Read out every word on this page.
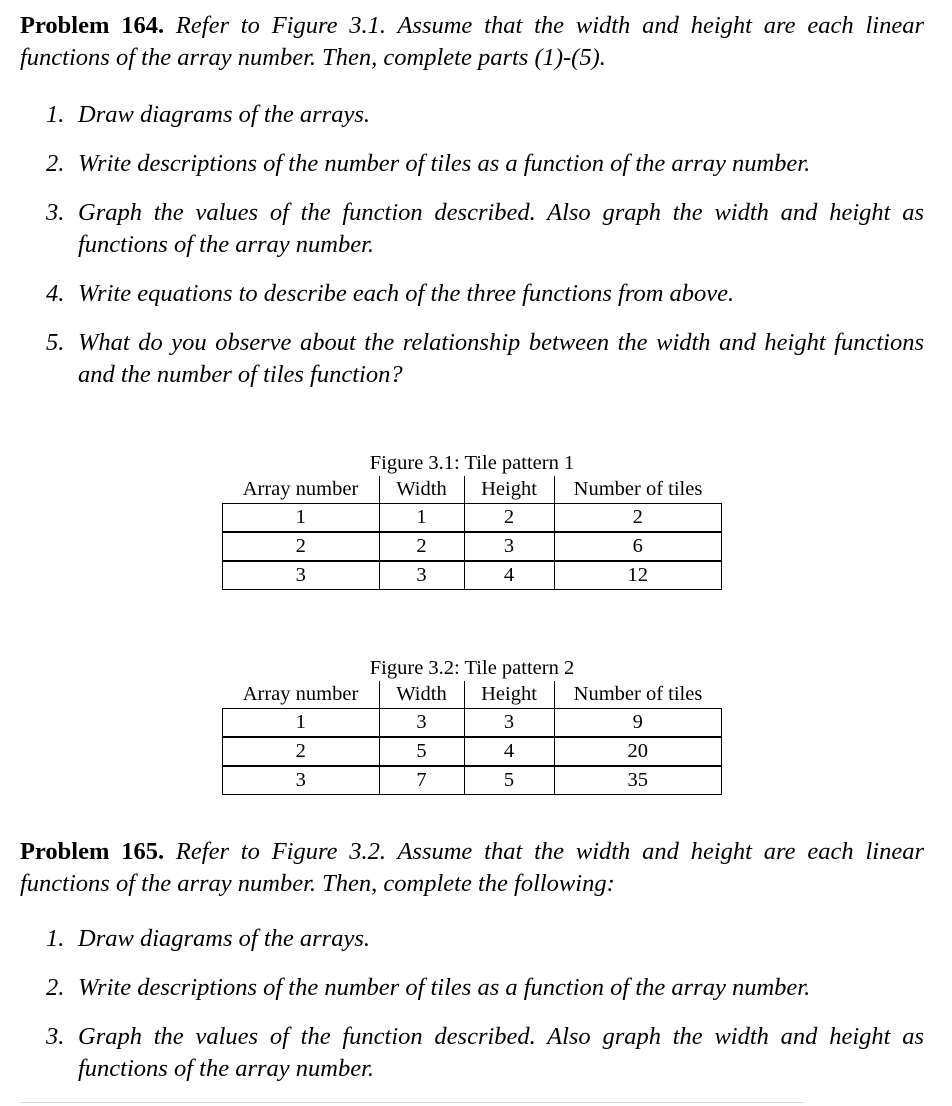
Problem 164. Refer to Figure 3.1. Assume that the width and height are each linear functions of the array number. Then, complete parts (1)-(5).

1. Draw diagrams of the arrays.
2. Write descriptions of the number of tiles as a function of the array number.
3. Graph the values of the function described. Also graph the width and height as functions of the array number.
4. Write equations to describe each of the three functions from above.
5. What do you observe about the relationship between the width and height functions and the number of tiles function?
Figure 3.1: Tile pattern 1
Array number	Width	Height	Number of tiles
1	1	2	2
2	2	3	6
3	3	4	12
Figure 3.2: Tile pattern 2
Array number	Width	Height	Number of tiles
1	3	3	9
2	5	4	20
3	7	5	35

Problem 165. Refer to Figure 3.2. Assume that the width and height are each linear functions of the array number. Then, complete the following:

1. Draw diagrams of the arrays.
2. Write descriptions of the number of tiles as a function of the array number.
3. Graph the values of the function described. Also graph the width and height as functions of the array number.
